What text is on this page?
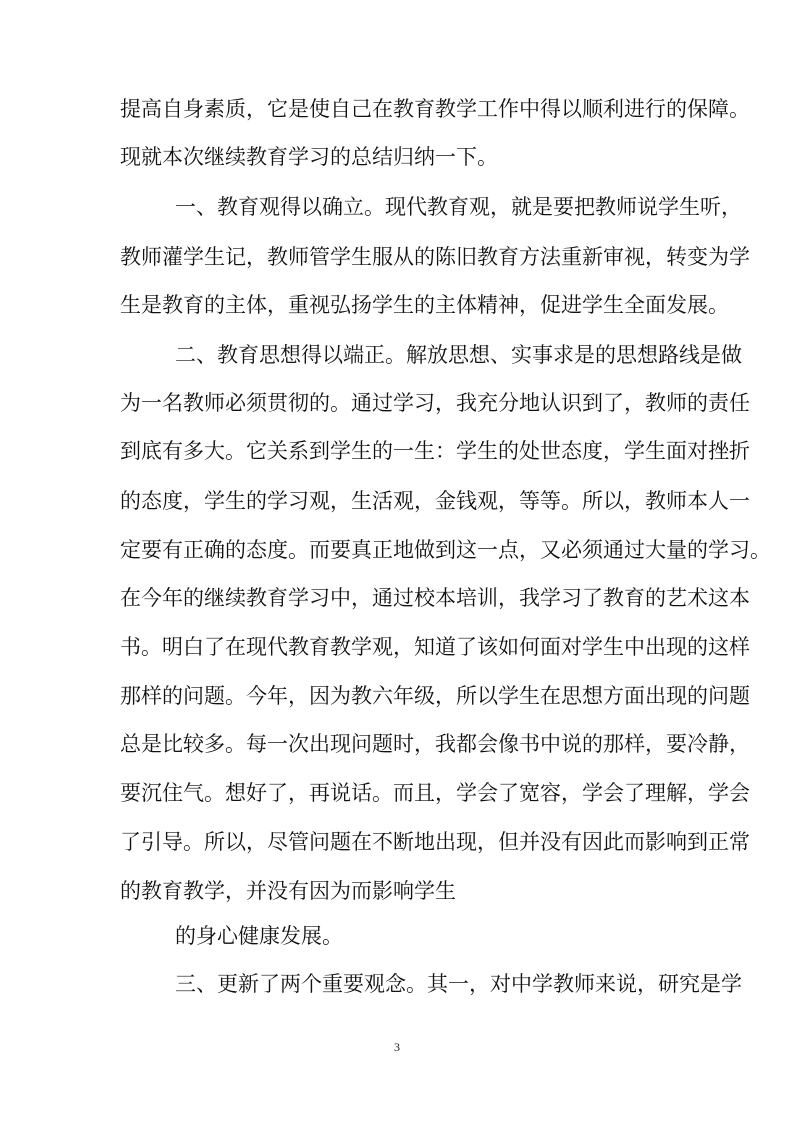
提高自身素质，它是使自己在教育教学工作中得以顺利进行的保障。

现就本次继续教育学习的总结归纳一下。

一、教育观得以确立。现代教育观，就是要把教师说学生听，

教师灌学生记，教师管学生服从的陈旧教育方法重新审视，转变为学

生是教育的主体，重视弘扬学生的主体精神，促进学生全面发展。

二、教育思想得以端正。解放思想、实事求是的思想路线是做

为一名教师必须贯彻的。通过学习，我充分地认识到了，教师的责任

到底有多大。它关系到学生的一生：学生的处世态度，学生面对挫折

的态度，学生的学习观，生活观，金钱观，等等。所以，教师本人一

定要有正确的态度。而要真正地做到这一点，又必须通过大量的学习。

在今年的继续教育学习中，通过校本培训，我学习了教育的艺术这本

书。明白了在现代教育教学观，知道了该如何面对学生中出现的这样

那样的问题。今年，因为教六年级，所以学生在思想方面出现的问题

总是比较多。每一次出现问题时，我都会像书中说的那样，要冷静，

要沉住气。想好了，再说话。而且，学会了宽容，学会了理解，学会

了引导。所以，尽管问题在不断地出现，但并没有因此而影响到正常

的教育教学，并没有因为而影响学生

的身心健康发展。

三、更新了两个重要观念。其一，对中学教师来说，研究是学

3
